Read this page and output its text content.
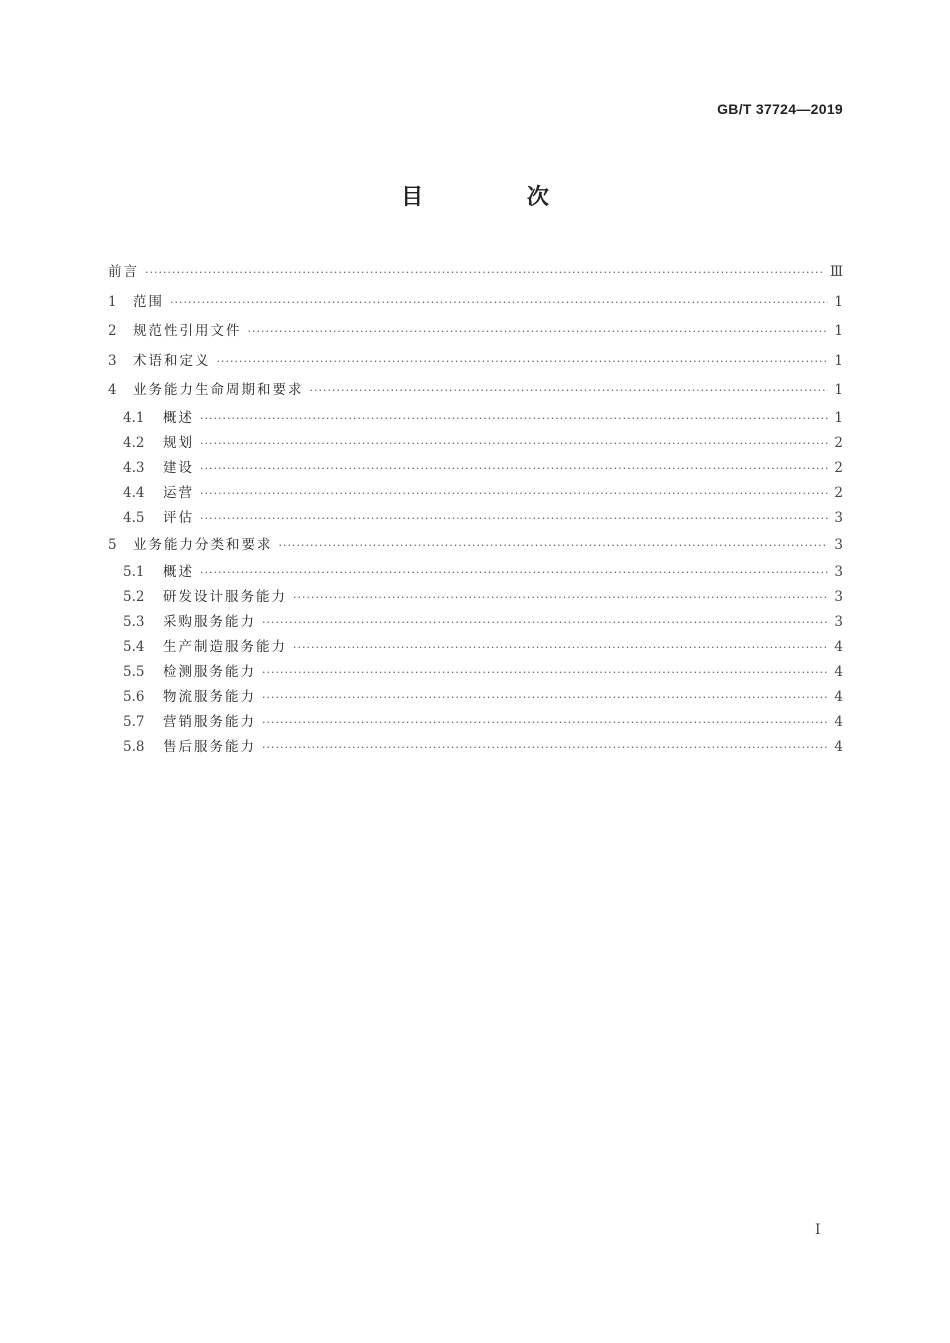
GB/T 37724—2019
目 次
前言 ·····	Ⅲ
1	范围 ·····	1
2	规范性引用文件 ·····	1
3	术语和定义 ·····	1
4	业务能力生命周期和要求 ·····	1
4.1	概述 ·····	1
4.2	规划 ·····	2
4.3	建设 ·····	2
4.4	运营 ·····	2
4.5	评估 ·····	3
5	业务能力分类和要求 ·····	3
5.1	概述 ·····	3
5.2	研发设计服务能力 ·····	3
5.3	采购服务能力 ·····	3
5.4	生产制造服务能力 ·····	4
5.5	检测服务能力 ·····	4
5.6	物流服务能力 ·····	4
5.7	营销服务能力 ·····	4
5.8	售后服务能力 ·····	4
Ⅰ
